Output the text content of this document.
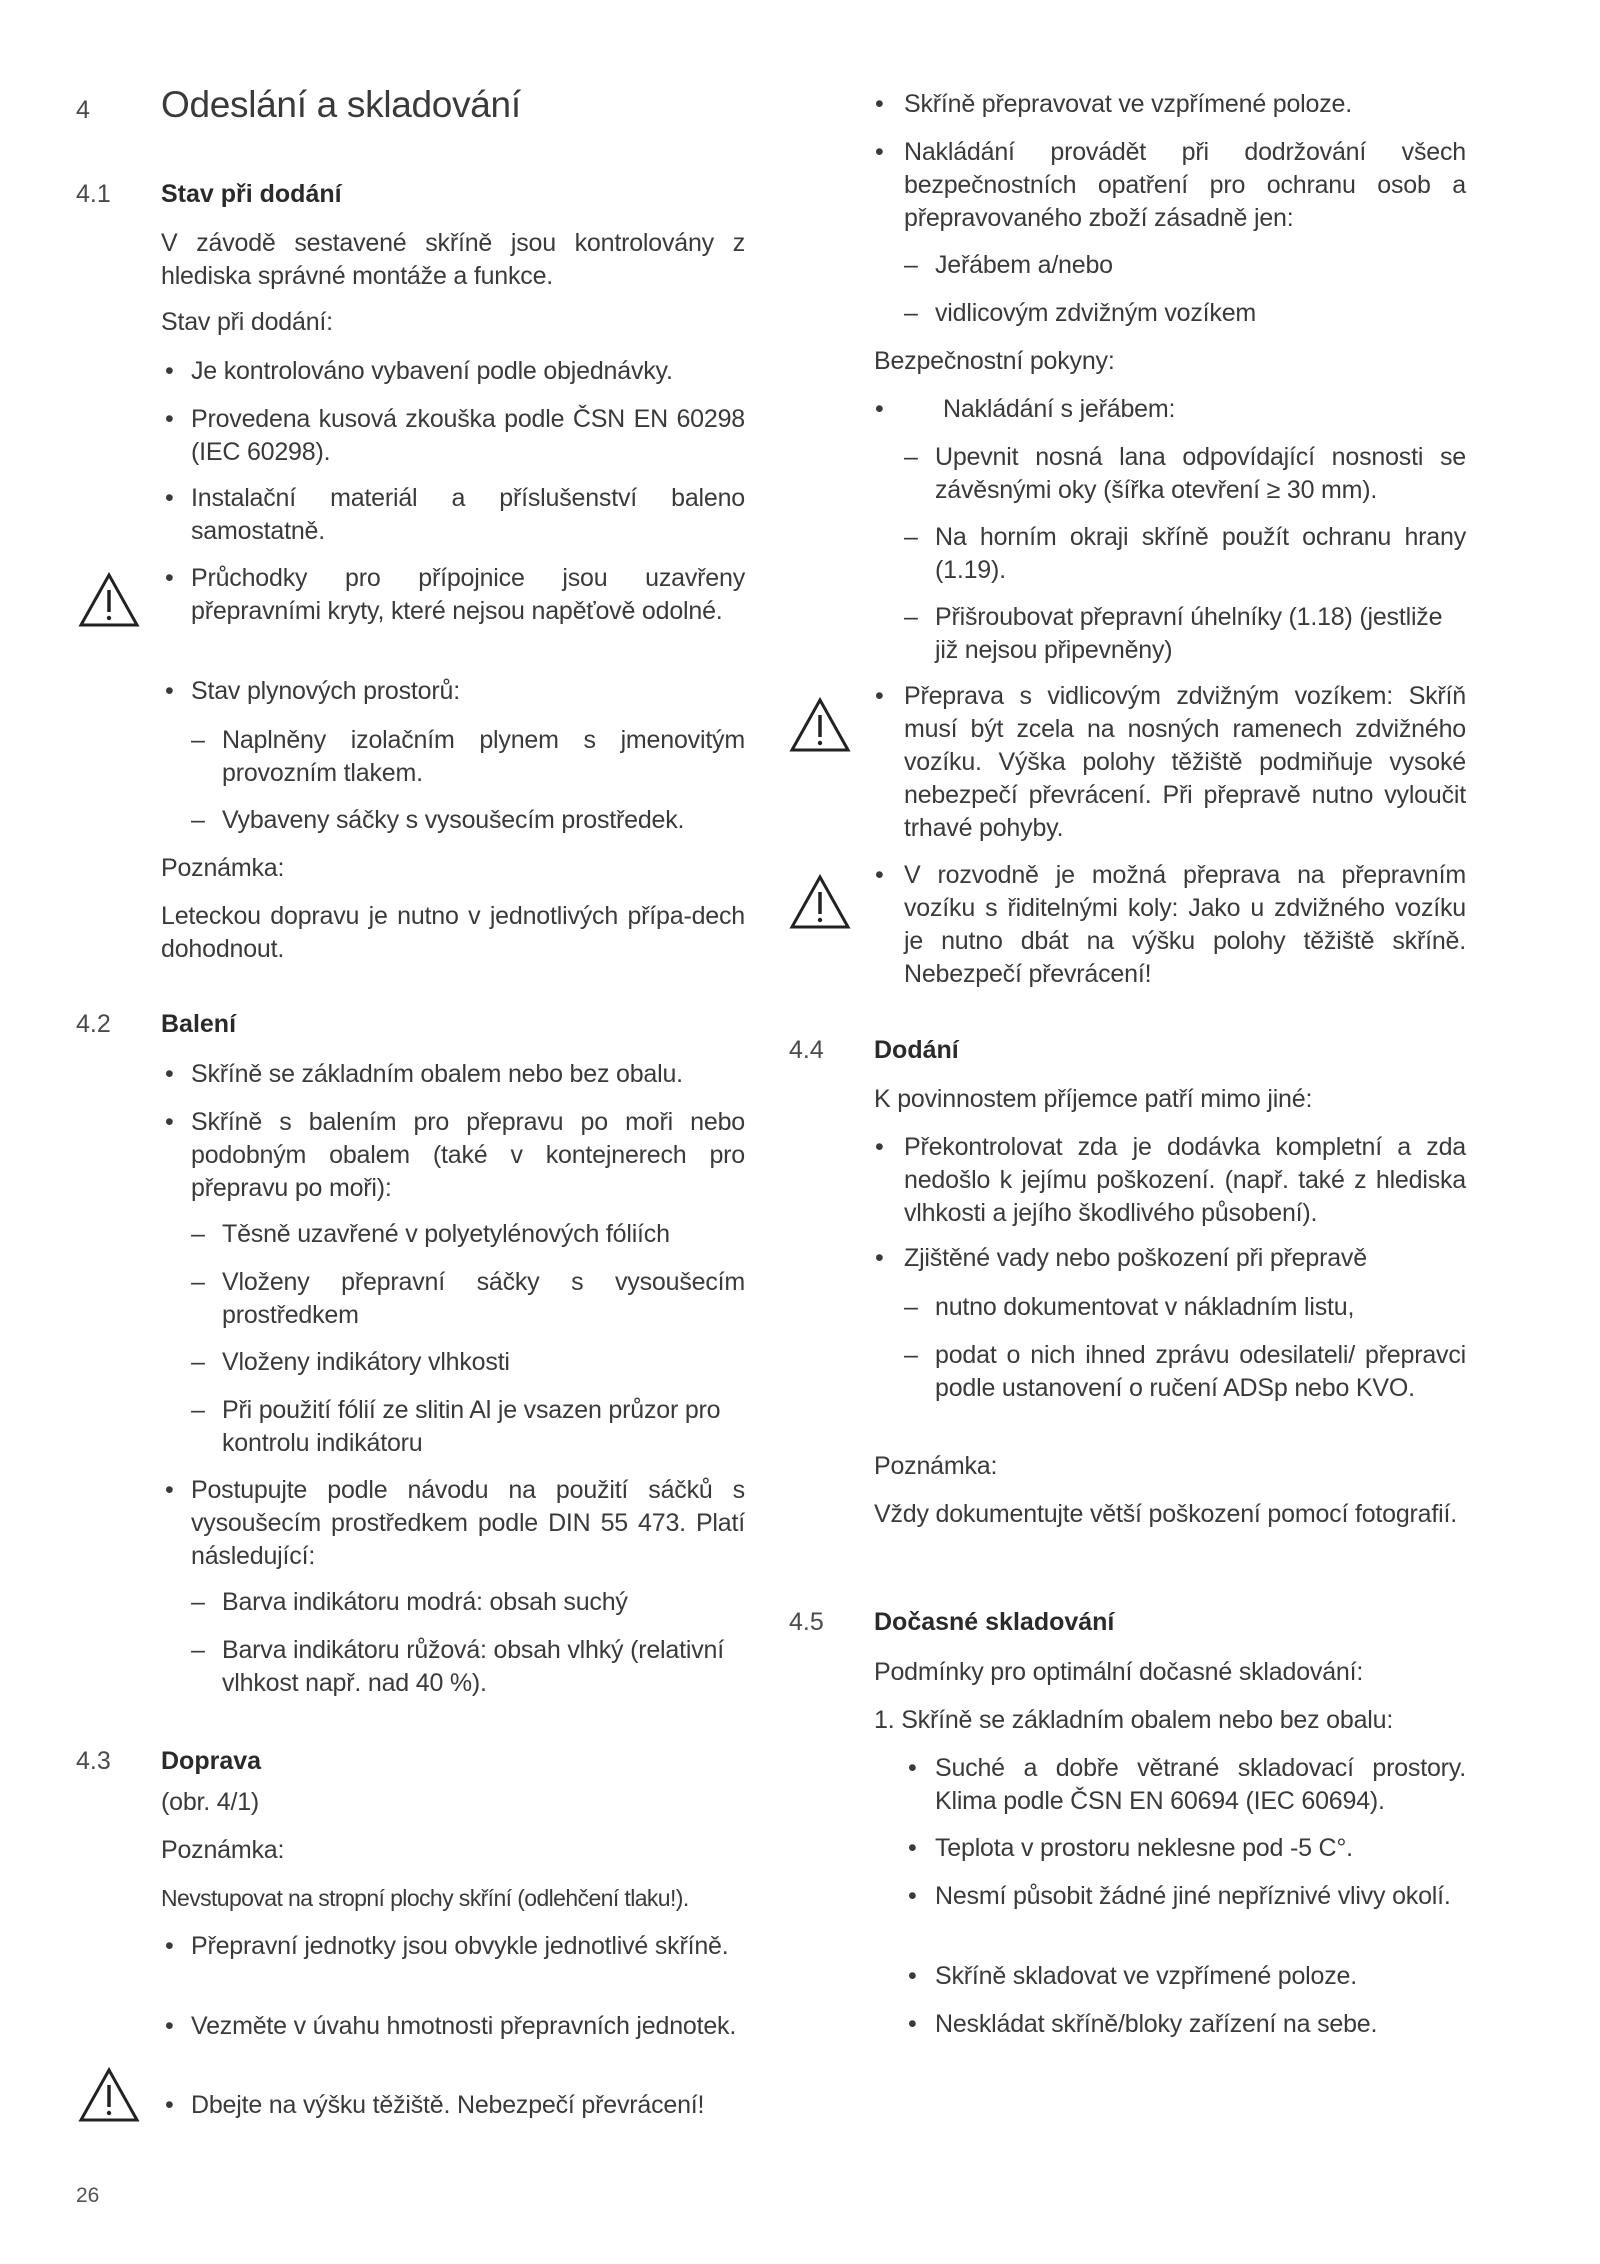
4 Odeslání a skladování
4.1 Stav při dodání
V závodě sestavené skříně jsou kontrolovány z hlediska správné montáže a funkce.
Stav při dodání:
• Je kontrolováno vybavení podle objednávky.
• Provedena kusová zkouška podle ČSN EN 60298 (IEC 60298).
• Instalační materiál a příslušenství baleno samostatně.
• Průchodky pro přípojnice jsou uzavřeny přepravními kryty, které nejsou napěťově odolné.
• Stav plynových prostorů:
– Naplněny izolačním plynem s jmenovitým provozním tlakem.
– Vybaveny sáčky s vysoušecím prostředek.
Poznámka:
Leteckou dopravu je nutno v jednotlivých přípa-dech dohodnout.
4.2 Balení
• Skříně se základním obalem nebo bez obalu.
• Skříně s balením pro přepravu po moři nebo podobným obalem (také v kontejnerech pro přepravu po moři):
– Těsně uzavřené v polyetylénových fóliích
– Vloženy přepravní sáčky s vysoušecím prostředkem
– Vloženy indikátory vlhkosti
– Při použití fólií ze slitin Al je vsazen průzor pro kontrolu indikátoru
• Postupujte podle návodu na použití sáčků s vysoušecím prostředkem podle DIN 55 473. Platí následující:
– Barva indikátoru modrá: obsah suchý
– Barva indikátoru růžová: obsah vlhký (relativní vlhkost např. nad 40 %).
4.3 Doprava
(obr. 4/1)
Poznámka:
Nevstupovat na stropní plochy skříní (odlehčení tlaku!).
• Přepravní jednotky jsou obvykle jednotlivé skříně.
• Vezměte v úvahu hmotnosti přepravních jednotek.
• Dbejte na výšku těžiště. Nebezpečí převrácení!
26
• Skříně přepravovat ve vzpřímené poloze.
• Nakládání provádět při dodržování všech bezpečnostních opatření pro ochranu osob a přepravovaného zboží zásadně jen:
– Jeřábem a/nebo
– vidlicovým zdvižným vozíkem
Bezpečnostní pokyny:
• Nakládání s jeřábem:
– Upevnit nosná lana odpovídající nosnosti se závěsnými oky (šířka otevření ≥ 30 mm).
– Na horním okraji skříně použít ochranu hrany (1.19).
– Přišroubovat přepravní úhelníky (1.18) (jestliže již nejsou připevněny)
• Přeprava s vidlicovým zdvižným vozíkem: Skříň musí být zcela na nosných ramenech zdvižného vozíku. Výška polohy těžiště podmiňuje vysoké nebezpečí převrácení. Při přepravě nutno vyloučit trhavé pohyby.
• V rozvodně je možná přeprava na přepravním vozíku s řiditelnými koly: Jako u zdvižného vozíku je nutno dbát na výšku polohy těžiště skříně. Nebezpečí převrácení!
4.4 Dodání
K povinnostem příjemce patří mimo jiné:
• Překontrolovat zda je dodávka kompletní a zda nedošlo k jejímu poškození. (např. také z hlediska vlhkosti a jejího škodlivého působení).
• Zjištěné vady nebo poškození při přepravě
– nutno dokumentovat v nákladním listu,
– podat o nich ihned zprávu odesilateli/ přepravci podle ustanovení o ručení ADSp nebo KVO.
Poznámka:
Vždy dokumentujte větší poškození pomocí fotografií.
4.5 Dočasné skladování
Podmínky pro optimální dočasné skladování:
1. Skříně se základním obalem nebo bez obalu:
• Suché a dobře větrané skladovací prostory. Klima podle ČSN EN 60694 (IEC 60694).
• Teplota v prostoru neklesne pod -5 C°.
• Nesmí působit žádné jiné nepříznivé vlivy okolí.
• Skříně skladovat ve vzpřímené poloze.
• Neskládat skříně/bloky zařízení na sebe.
